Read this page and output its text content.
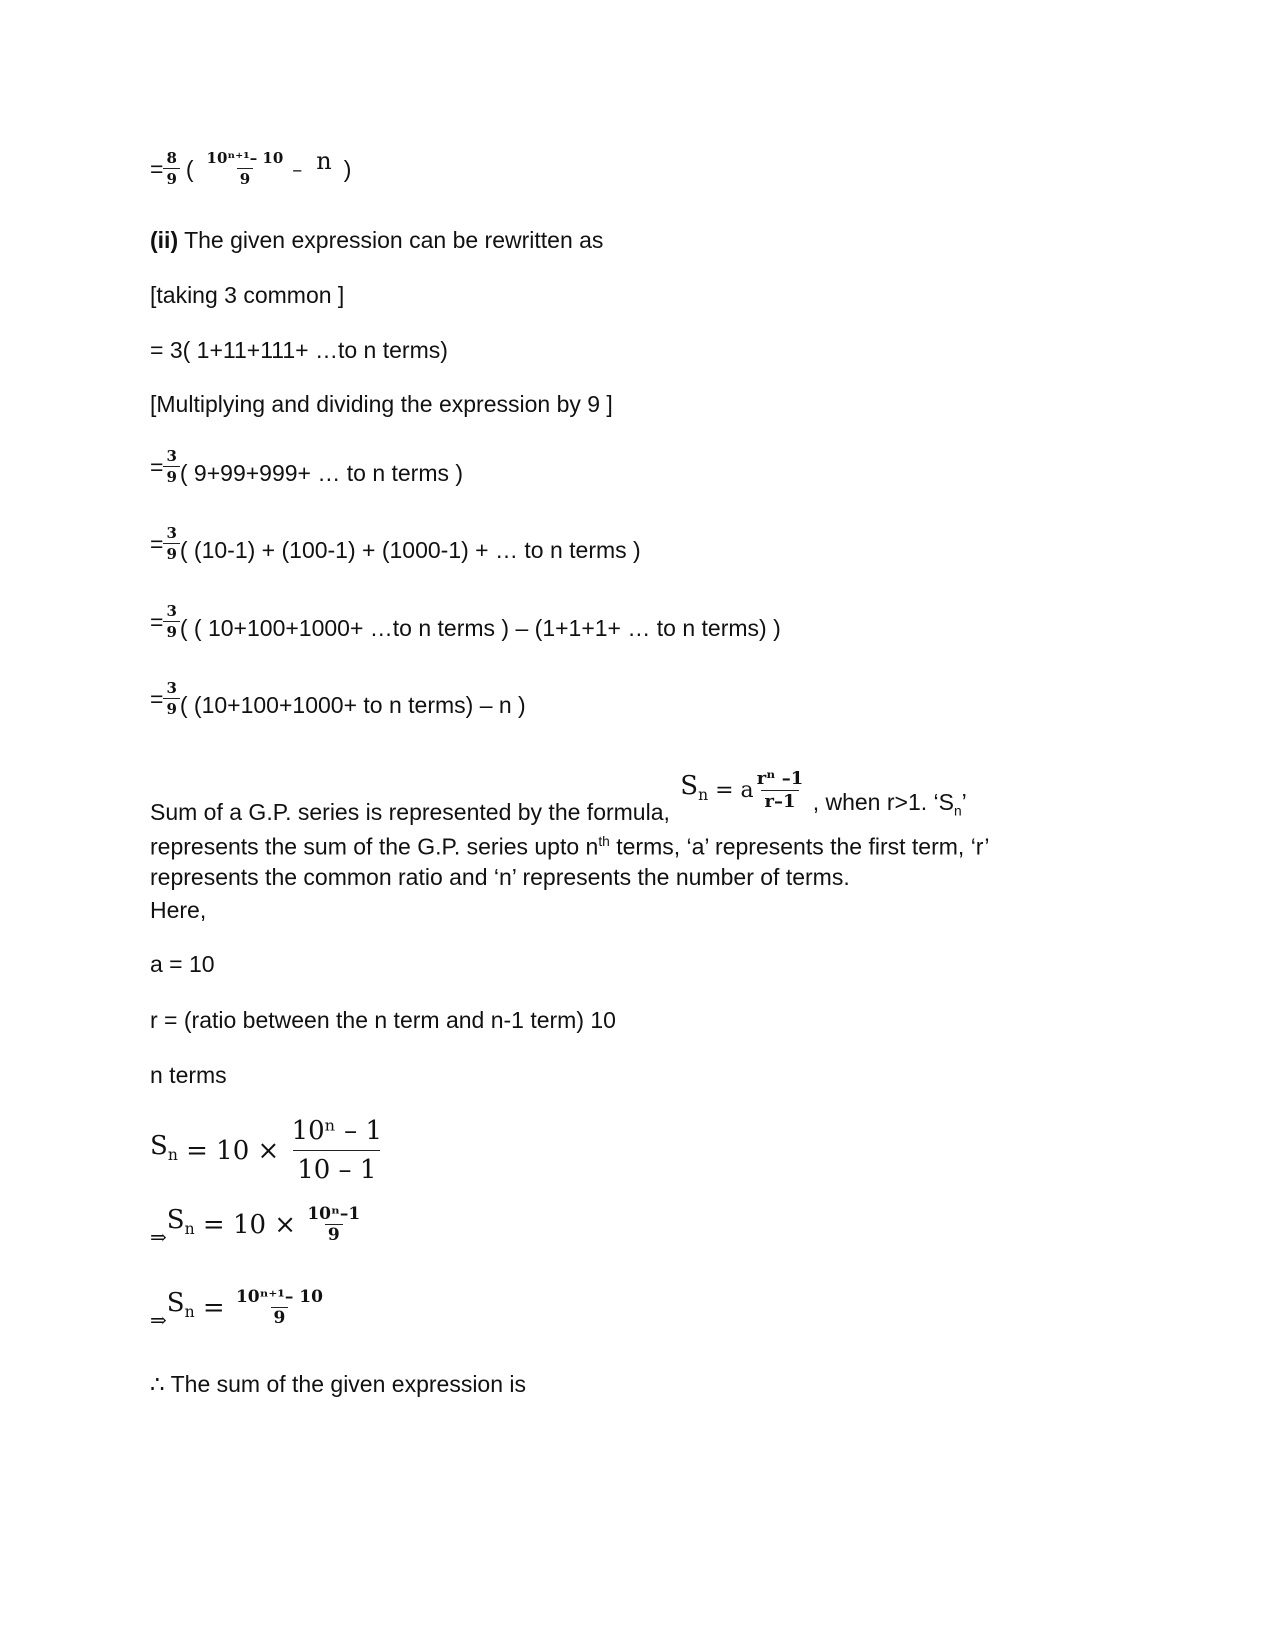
= $\frac{8}{9}$ ( $\frac{\text{10ⁿ⁺¹– 10}}{9}$ – n )
(ii) The given expression can be rewritten as
[taking 3 common ]
= 3( 1+11+111+ …to n terms)
[Multiplying and dividing the expression by 9 ]
= $\frac{3}{9}$ ( 9+99+999+ … to n terms )
= $\frac{3}{9}$ ( (10-1) + (100-1) + (1000-1) + … to n terms )
= $\frac{3}{9}$ ( ( 10+100+1000+ …to n terms ) – (1+1+1+ … to n terms) )
= $\frac{3}{9}$ ( (10+100+1000+ to n terms) – n )
Sum of a G.P. series is represented by the formula,
$S_n = a \frac{\text{rⁿ –1}}{r-1}$ , when r>1. ‘$S_n$’
represents the sum of the G.P. series upto $n^{th}$ terms, ‘a’ represents the first term, ‘r’
represents the common ratio and ‘n’ represents the number of terms.
Here,
a = 10
r = (ratio between the n term and n-1 term) 10
n terms
$S_n = 10 \times \frac{\text{10ⁿ – 1}}{10 - 1}$
⇒
$S_n = 10 \times \frac{\text{10ⁿ–1}}{9}$
⇒
$S_n = \frac{\text{10ⁿ⁺¹– 10}}{9}$
∴ The sum of the given expression is
